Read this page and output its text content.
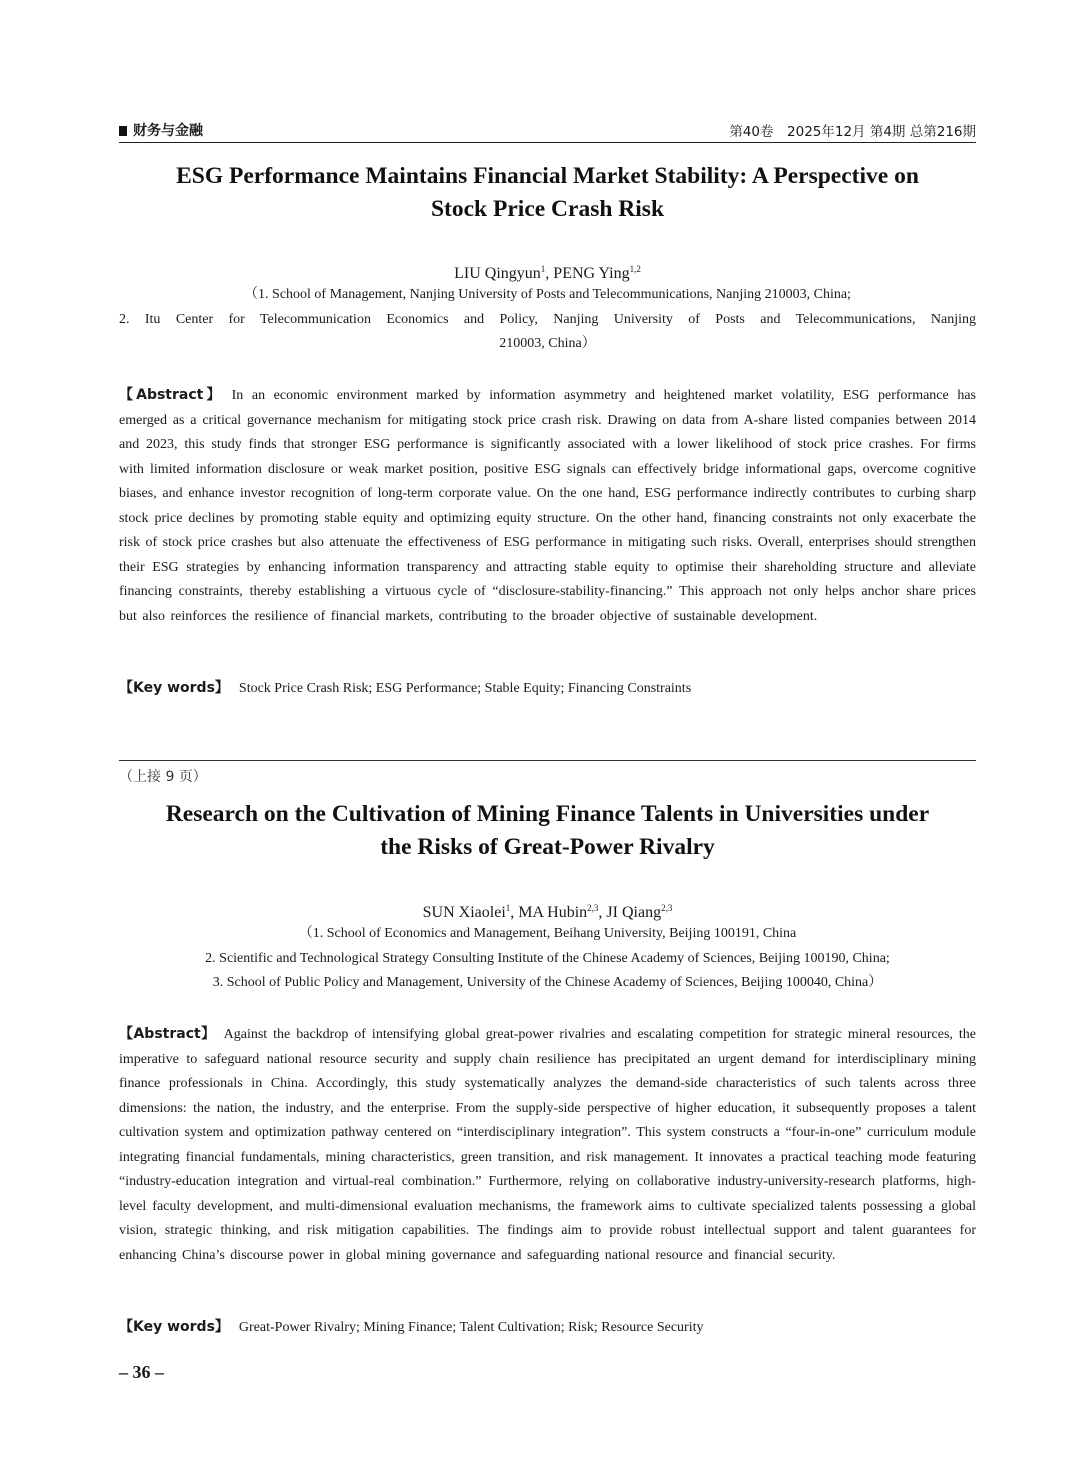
财务与金融	第40卷　2025年12月 第4期 总第216期
ESG Performance Maintains Financial Market Stability: A Perspective on
Stock Price Crash Risk
LIU Qingyun$^1$, PENG Ying$^{1,2}$
（1. School of Management, Nanjing University of Posts and Telecommunications, Nanjing 210003, China;
2. Itu Center for Telecommunication Economics and Policy, Nanjing University of Posts and Telecommunications, Nanjing
210003, China）

【Abstract】 In an economic environment marked by information asymmetry and heightened market volatility, ESG performance has emerged as a critical governance mechanism for mitigating stock price crash risk. Drawing on data from A-share listed companies between 2014 and 2023, this study finds that stronger ESG performance is significantly associated with a lower likelihood of stock price crashes. For firms with limited information disclosure or weak market position, positive ESG signals can effectively bridge informational gaps, overcome cognitive biases, and enhance investor recognition of long-term corporate value. On the one hand, ESG performance indirectly contributes to curbing sharp stock price declines by promoting stable equity and optimizing equity structure. On the other hand, financing constraints not only exacerbate the risk of stock price crashes but also attenuate the effectiveness of ESG performance in mitigating such risks. Overall, enterprises should strengthen their ESG strategies by enhancing information transparency and attracting stable equity to optimise their shareholding structure and alleviate financing constraints, thereby establishing a virtuous cycle of “disclosure-stability-financing.” This approach not only helps anchor share prices but also reinforces the resilience of financial markets, contributing to the broader objective of sustainable development.

【Key words】 Stock Price Crash Risk; ESG Performance; Stable Equity; Financing Constraints
（上接 9 页）
Research on the Cultivation of Mining Finance Talents in Universities under
the Risks of Great-Power Rivalry
SUN Xiaolei$^1$, MA Hubin$^{2,3}$, JI Qiang$^{2,3}$
（1. School of Economics and Management, Beihang University, Beijing 100191, China
2. Scientific and Technological Strategy Consulting Institute of the Chinese Academy of Sciences, Beijing 100190, China;
3. School of Public Policy and Management, University of the Chinese Academy of Sciences, Beijing 100040, China）

【Abstract】 Against the backdrop of intensifying global great-power rivalries and escalating competition for strategic mineral resources, the imperative to safeguard national resource security and supply chain resilience has precipitated an urgent demand for interdisciplinary mining finance professionals in China. Accordingly, this study systematically analyzes the demand-side characteristics of such talents across three dimensions: the nation, the industry, and the enterprise. From the supply-side perspective of higher education, it subsequently proposes a talent cultivation system and optimization pathway centered on “interdisciplinary integration”. This system constructs a “four-in-one” curriculum module integrating financial fundamentals, mining characteristics, green transition, and risk management. It innovates a practical teaching mode featuring “industry-education integration and virtual-real combination.” Furthermore, relying on collaborative industry-university-research platforms, high-level faculty development, and multi-dimensional evaluation mechanisms, the framework aims to cultivate specialized talents possessing a global vision, strategic thinking, and risk mitigation capabilities. The findings aim to provide robust intellectual support and talent guarantees for enhancing China’s discourse power in global mining governance and safeguarding national resource and financial security.

【Key words】 Great-Power Rivalry; Mining Finance; Talent Cultivation; Risk; Resource Security
– 36 –
